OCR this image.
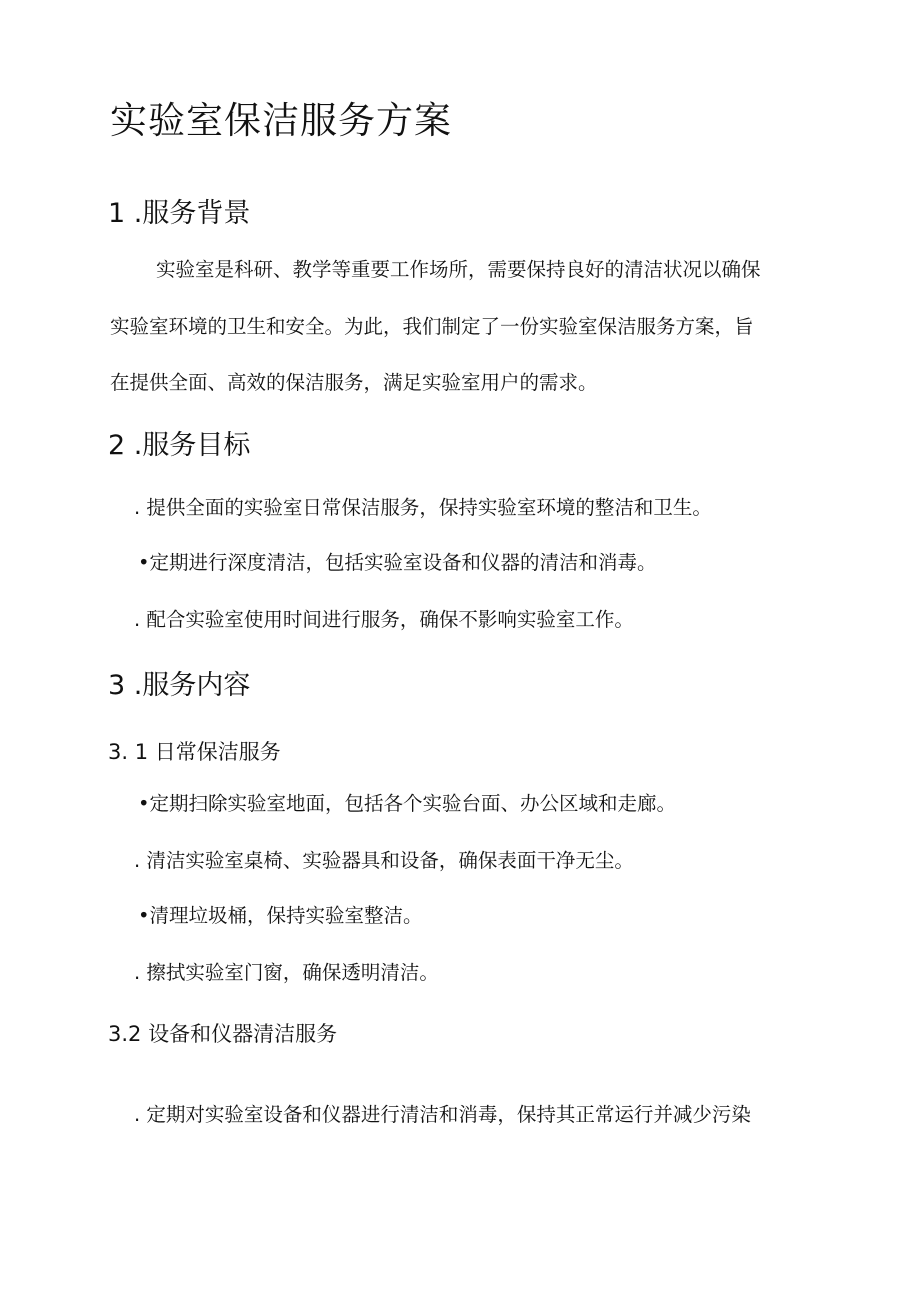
实验室保洁服务方案
1 .服务背景

实验室是科研、教学等重要工作场所，需要保持良好的清洁状况以确保

实验室环境的卫生和安全。为此，我们制定了一份实验室保洁服务方案，旨

在提供全面、高效的保洁服务，满足实验室用户的需求。

2 .服务目标

. 提供全面的实验室日常保洁服务，保持实验室环境的整洁和卫生。

•定期进行深度清洁，包括实验室设备和仪器的清洁和消毒。

. 配合实验室使用时间进行服务，确保不影响实验室工作。

3 .服务内容
3. 1 日常保洁服务

•定期扫除实验室地面，包括各个实验台面、办公区域和走廊。

. 清洁实验室桌椅、实验器具和设备，确保表面干净无尘。

•清理垃圾桶，保持实验室整洁。

. 擦拭实验室门窗，确保透明清洁。

3.2 设备和仪器清洁服务

. 定期对实验室设备和仪器进行清洁和消毒，保持其正常运行并减少污染
